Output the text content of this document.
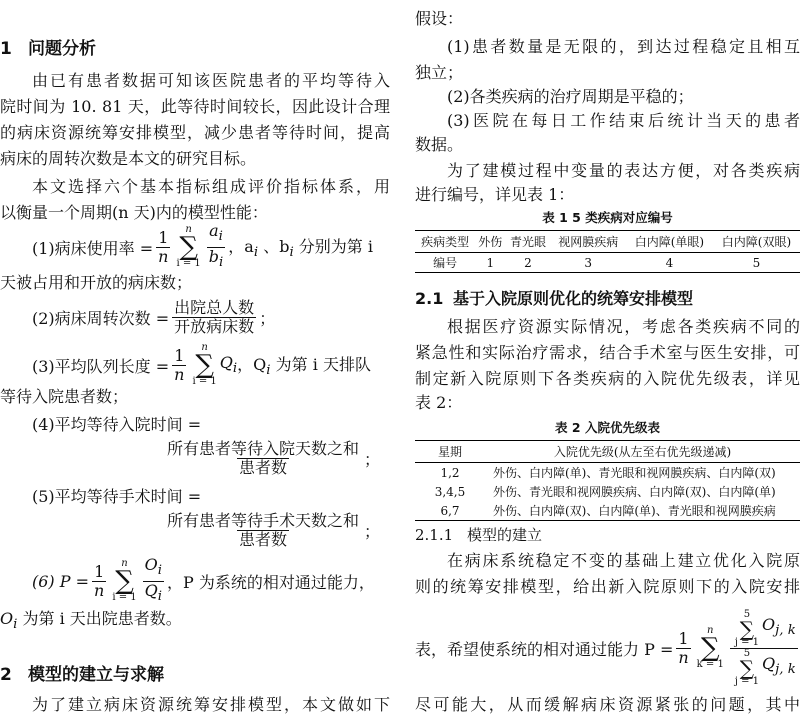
1 问题分析
由已有患者数据可知该医院患者的平均等待入
院时间为 10. 81 天，此等待时间较长，因此设计合理
的病床资源统筹安排模型，减少患者等待时间，提高
病床的周转次数是本文的研究目标。
本文选择六个基本指标组成评价指标体系，用
以衡量一个周期(n 天)内的模型性能：
(1)病床使用率 = $\frac{1}{n}$ n
∑
$i = 1 \frac{a_i}{b_i}$ ，$a_i$ 、$b_i$ 分别为第 i
天被占用和开放的病床数；
(2)病床周转次数 = $\frac{\text{出院总人数}}{\text{开放病床数}}$ ；
(3)平均队列长度 = $\frac{1}{n}$ n
∑
i = 1
$Q_i$ ，$Q_i$ 为第 i 天排队
等待入院患者数；
(4)平均等待入院时间 =
$\frac{\text{所有患者等待入院天数之和}}{\text{患者数}}$ ；
(5)平均等待手术时间 =
$\frac{\text{所有患者等待手术天数之和}}{\text{患者数}}$ ；
(6) $P = \frac{1}{n}$ n
∑
$i = 1 \frac{O_i}{Q_i}$ ，P 为系统的相对通过能力，
$O_i$ 为第 i 天出院患者数。
2 模型的建立与求解
为了建立病床资源统筹安排模型，本文做如下
假设：
(1)患者数量是无限的，到达过程稳定且相互
独立；
(2)各类疾病的治疗周期是平稳的；
(3)医院在每日工作结束后统计当天的患者
数据。
为了建模过程中变量的表达方便，对各类疾病
进行编号，详见表 1：
表 1 5 类疾病对应编号
疾病类型	外伤	青光眼	视网膜疾病	白内障(单眼)	白内障(双眼)
编号	1	2	3	4	5
2.1 基于入院原则优化的统筹安排模型
根据医疗资源实际情况，考虑各类疾病不同的
紧急性和实际治疗需求，结合手术室与医生安排，可
制定新入院原则下各类疾病的入院优先级表，详见
表 2：
表 2 入院优先级表
星期	入院优先级(从左至右优先级递减)
1,2	外伤、白内障(单)、青光眼和视网膜疾病、白内障(双)
3,4,5	外伤、青光眼和视网膜疾病、白内障(双)、白内障(单)
6,7	外伤、白内障(双)、白内障(单)、青光眼和视网膜疾病
2.1.1 模型的建立
在病床系统稳定不变的基础上建立优化入院原
则的统筹安排模型，给出新入院原则下的入院安排
表，希望使系统的相对通过能力 $P = \frac{1}{n}$ n
∑
k = 1 5
∑
j = 1
$O_{j, k}$
5
∑
j = 1
$Q_{j, k}$
尽可能大，从而缓解病床资源紧张的问题，其中
